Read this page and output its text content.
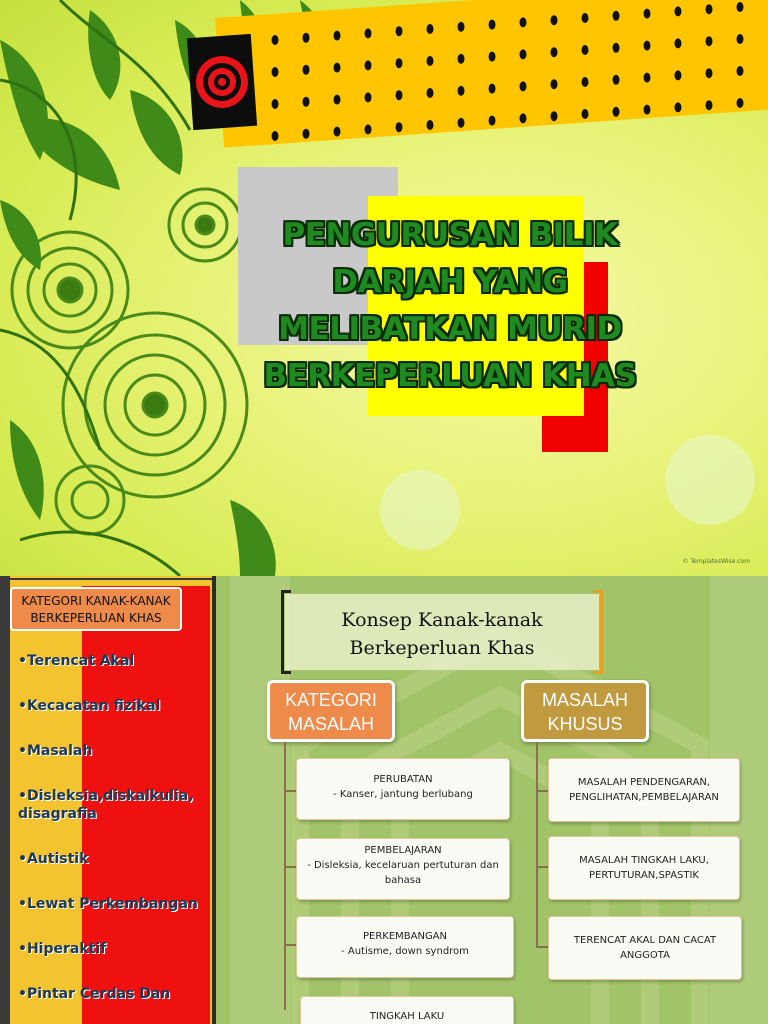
PENGURUSAN BILIK DARJAH YANG MELIBATKAN MURID BERKEPERLUAN KHAS
© TemplatesWise.com
KATEGORI KANAK-KANAK BERKEPERLUAN KHAS
•Terencat Akal
•Kecacatan fizikal
•Masalah
•Disleksia,diskalkulia, disagrafia
•Autistik
•Lewat Perkembangan
•Hiperaktif
•Pintar Cerdas Dan

Konsep Kanak-kanak Berkeperluan Khas

KATEGORI MASALAH
MASALAH KHUSUS
PERUBATAN
- Kanser, jantung berlubang
PEMBELAJARAN
- Disleksia, kecelaruan pertuturan dan bahasa
PERKEMBANGAN
- Autisme, down syndrom
TINGKAH LAKU
MASALAH PENDENGARAN, PENGLIHATAN,PEMBELAJARAN
MASALAH TINGKAH LAKU, PERTUTURAN,SPASTIK
TERENCAT AKAL DAN CACAT ANGGOTA
